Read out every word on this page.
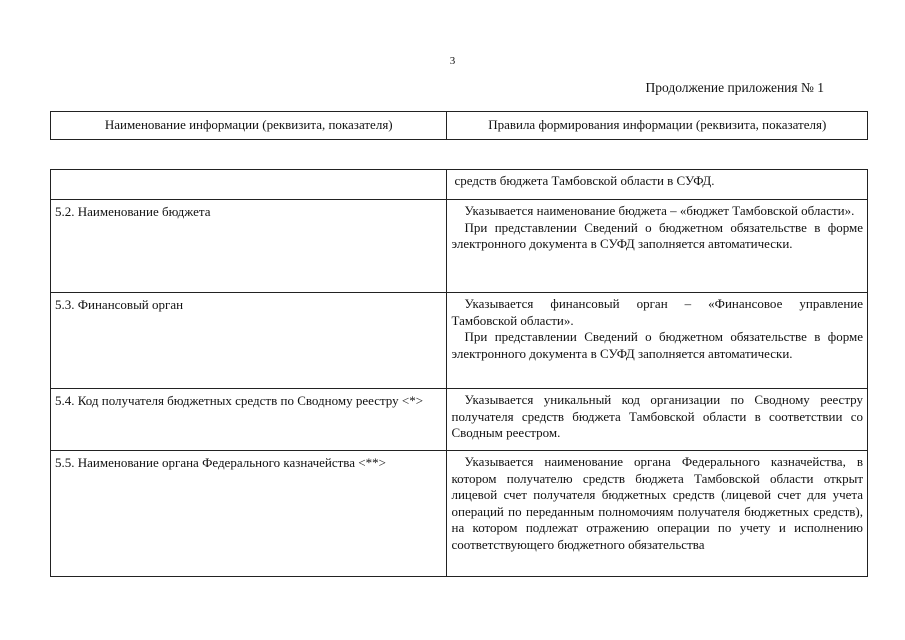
3
Продолжение приложения № 1
Наименование информации (реквизита, показателя)	Правила формирования информации (реквизита, показателя)

	средств бюджета Тамбовской области в СУФД.

5.2. Наименование бюджета	Указывается наименование бюджета – «бюджет Тамбовской области».
При представлении Сведений о бюджетном обязательстве в форме электронного документа в СУФД заполняется автоматически.

5.3. Финансовый орган	Указывается финансовый орган – «Финансовое управление Тамбовской области».
При представлении Сведений о бюджетном обязательстве в форме электронного документа в СУФД заполняется автоматически.

5.4. Код получателя бюджетных средств по Сводному реестру <*>	Указывается уникальный код организации по Сводному реестру получателя средств бюджета Тамбовской области в соответствии со Сводным реестром.

5.5. Наименование органа Федерального казначейства <**>	Указывается наименование органа Федерального казначейства, в котором получателю средств бюджета Тамбовской области открыт лицевой счет получателя бюджетных средств (лицевой счет для учета операций по переданным полномочиям получателя бюджетных средств), на котором подлежат отражению операции по учету и исполнению соответствующего бюджетного обязательства
